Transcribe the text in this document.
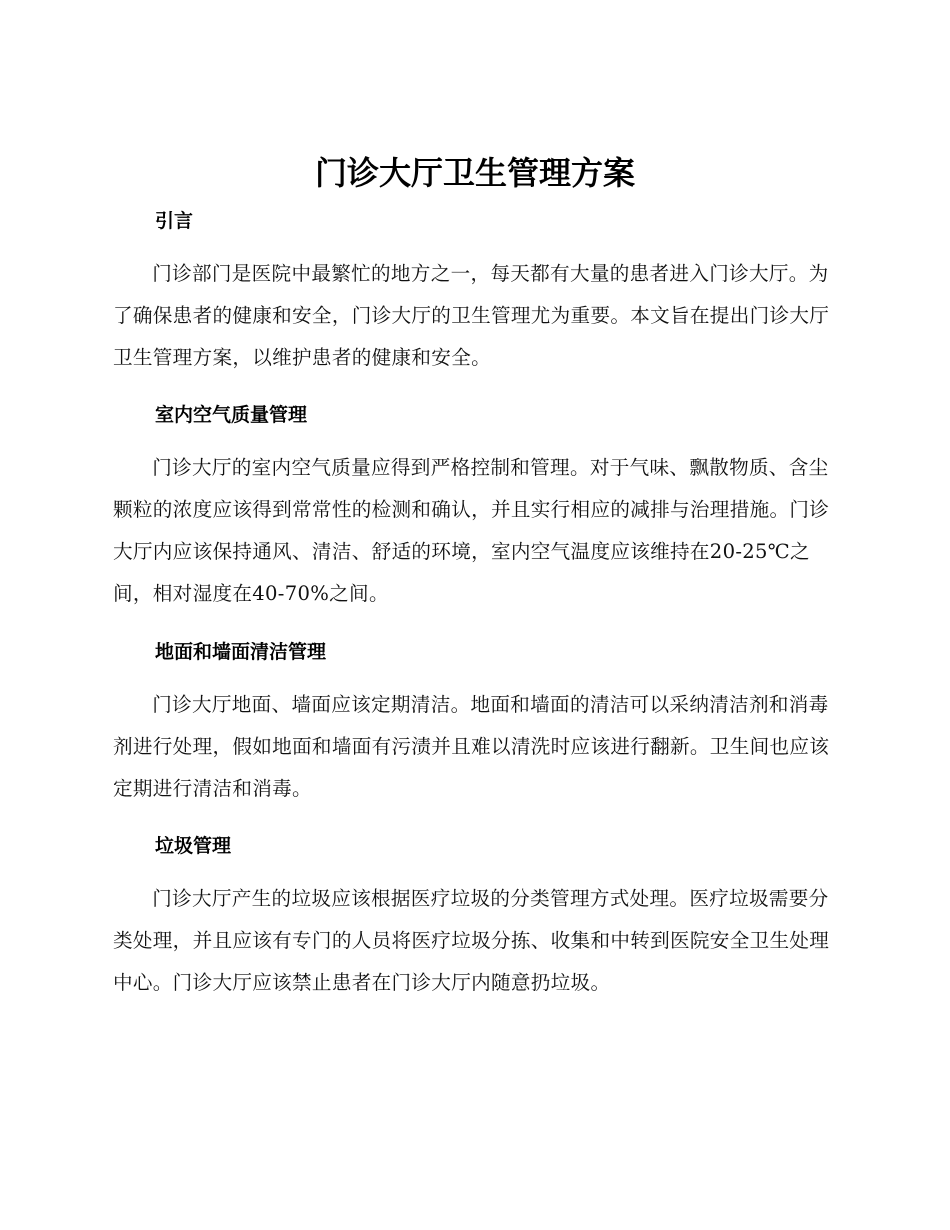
门诊大厅卫生管理方案
引言

门诊部门是医院中最繁忙的地方之一，每天都有大量的患者进入门诊大厅。为了确保患者的健康和安全，门诊大厅的卫生管理尤为重要。本文旨在提出门诊大厅卫生管理方案，以维护患者的健康和安全。

室内空气质量管理

门诊大厅的室内空气质量应得到严格控制和管理。对于气味、飘散物质、含尘颗粒的浓度应该得到常常性的检测和确认，并且实行相应的减排与治理措施。门诊大厅内应该保持通风、清洁、舒适的环境，室内空气温度应该维持在20-25℃之间，相对湿度在40-70%之间。

地面和墙面清洁管理

门诊大厅地面、墙面应该定期清洁。地面和墙面的清洁可以采纳清洁剂和消毒剂进行处理，假如地面和墙面有污渍并且难以清洗时应该进行翻新。卫生间也应该定期进行清洁和消毒。

垃圾管理

门诊大厅产生的垃圾应该根据医疗垃圾的分类管理方式处理。医疗垃圾需要分类处理，并且应该有专门的人员将医疗垃圾分拣、收集和中转到医院安全卫生处理中心。门诊大厅应该禁止患者在门诊大厅内随意扔垃圾。
